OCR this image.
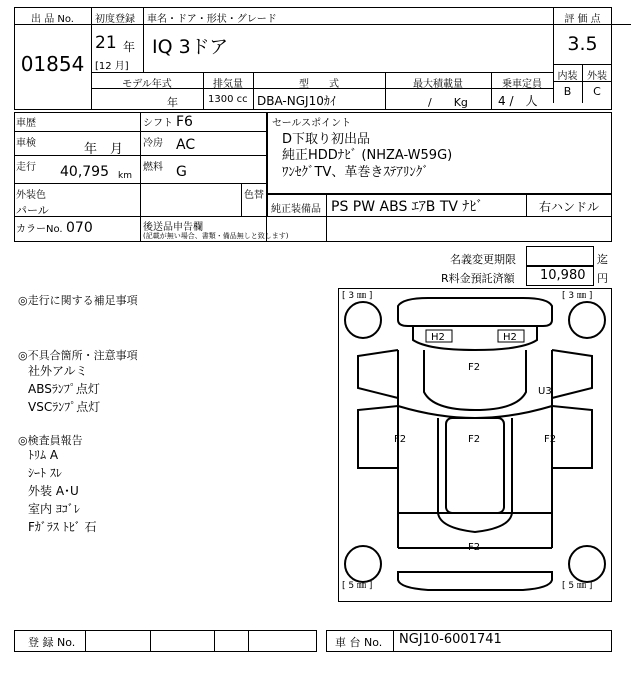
出 品 No.
01854
初度登録 車名・ドア・形状・グレード	評 価 点
21 年
[12 月]
IQ 3ドア	3.5
内装 外装
B	C
モデル年式	排気量	型　　式	最大積載量	乗車定員
年	1300 cc DBA-NGJ10ｶｲ	/　　Kg	4 /　人
車歴	シフト F6
車検	年　月 冷房 AC
走行 40,795 km
燃料 G
外装色
パール
色替
カラーNo. 070	後送品申告欄
(記載が無い場合、書類・備品無しと致します)
セールスポイント
D下取り初出品
純正HDDﾅﾋﾞ (NHZA-W59G)
ﾜﾝｾｸﾞTV、革巻きｽﾃｱﾘﾝｸﾞ
純正装備品 PS PW ABS ｴｱB TV ﾅﾋﾞ	右ハンドル
名義変更期限	迄
R料金預託済額 10,980 円
◎走行に関する補足事項
◎不具合箇所・注意事項
社外アルミ
ABSﾗﾝﾌﾟ点灯
VSCﾗﾝﾌﾟ点灯
◎検査員報告
ﾄﾘﾑ A
ｼｰﾄ ｽﾚ
外装 A･U
室内 ﾖｺﾞﾚ
Fｶﾞﾗｽ ﾄﾋﾞ 石
[ 3 ㎜ ]	[ 3 ㎜ ]
[ 5 ㎜ ]	[ 5 ㎜ ]
H2	H2
F2
U3
F2	F2	F2
F2
登 録 No.	車 台 No. NGJ10-6001741
